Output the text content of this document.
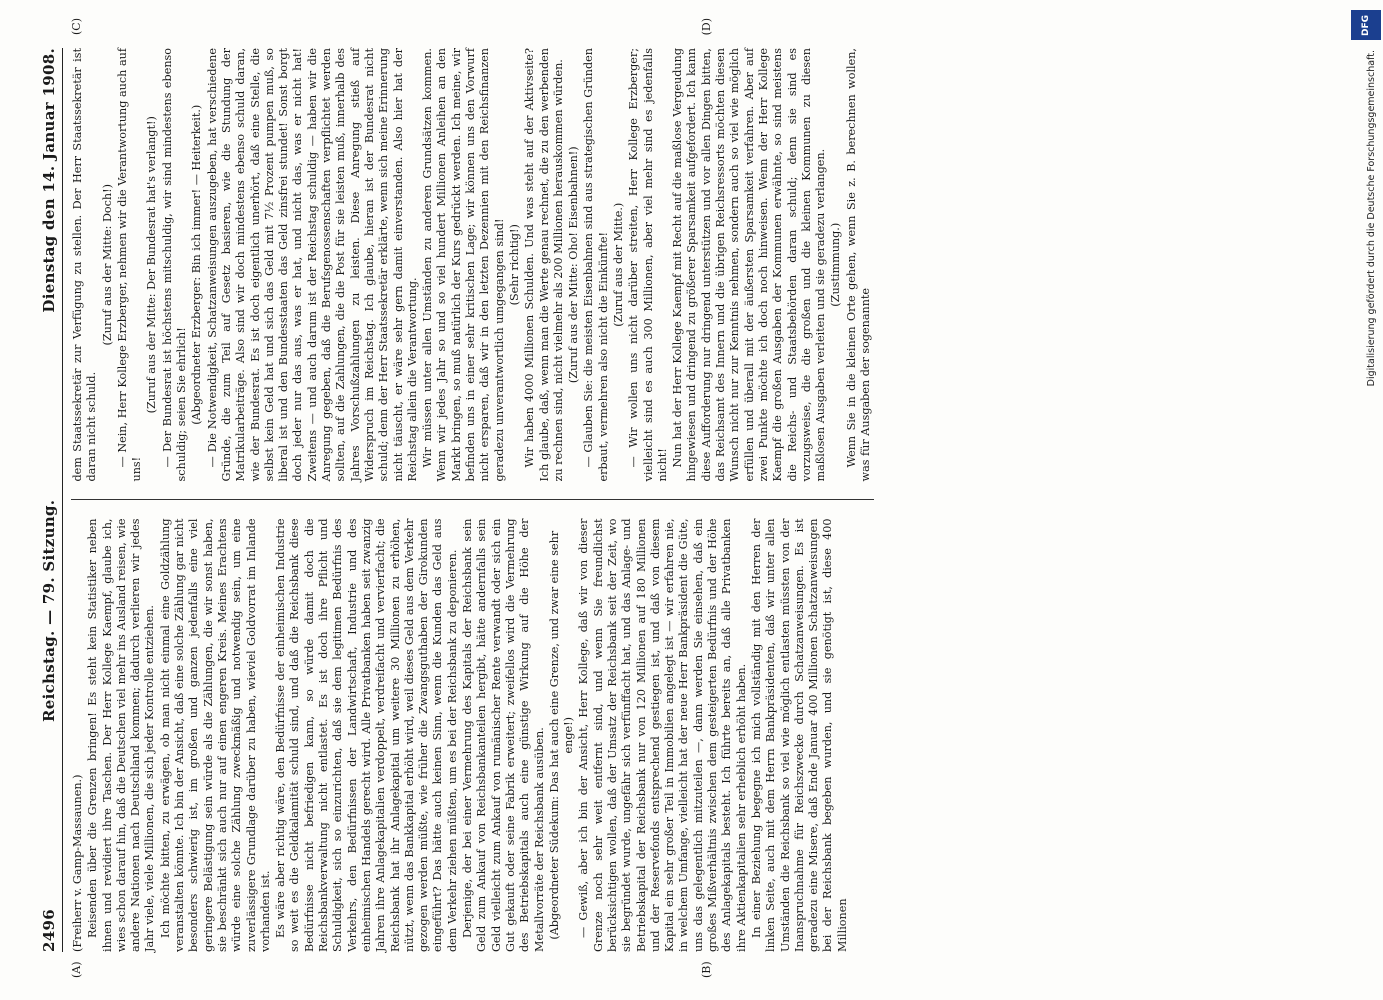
2496
Reichstag. — 79. Sitzung.
Dienstag den 14. Januar 1908.

(Freiherr v. Gamp-Massaunen.) Reisenden über die Grenzen bringen! Es steht kein Statistiker neben ihnen und revidiert ihre Taschen. Der Herr Kollege Kaempf, glaube ich, wies schon darauf hin, daß die Deutschen viel mehr ins Ausland reisen, wie andere Nationen nach Deutschland kommen; dadurch verlieren wir jedes Jahr viele, viele Millionen, die sich jeder Kontrolle entziehen. Ich möchte bitten, zu erwägen, ob man nicht einmal eine Goldzählung veranstalten könnte. Ich bin der Ansicht, daß eine solche Zählung gar nicht besonders schwierig ist, im großen und ganzen jedenfalls eine viel geringere Belästigung sein würde als die Zählungen, die wir sonst haben, sie beschränkt sich auch nur auf einen engeren Kreis. Meines Erachtens würde eine solche Zählung zweckmäßig und notwendig sein, um eine zuverlässigere Grundlage darüber zu haben, wieviel Goldvorrat im Inlande vorhanden ist. Es wäre aber richtig wäre, den Bedürfnisse der einheimischen Industrie so weit es die Geldkalamität schuld sind, und daß die Reichsbank diese Bedürfnisse nicht befriedigen kann, so würde damit doch die Reichsbankverwaltung nicht entlastet. Es ist doch ihre Pflicht und Schuldigkeit, sich so einzurichten, daß sie dem legitimen Bedürfnis des Verkehrs, den Bedürfnissen der Landwirtschaft, Industrie und des einheimischen Handels gerecht wird. Alle Privatbanken haben seit zwanzig Jahren ihre Anlagekapitalien verdoppelt, verdreifacht und vervierfacht; die Reichsbank hat ihr Anlagekapital um weitere 30 Millionen zu erhöhen, nützt, wenn das Bankkapital erhöht wird, weil dieses Geld aus dem Verkehr gezogen werden müßte, wie früher die Zwangsguthaben der Girokunden eingeführt? Das hätte auch keinen Sinn, wenn die Kunden das Geld aus dem Verkehr ziehen müßten, um es bei der Reichsbank zu deponieren. Derjenige, der bei einer Vermehrung des Kapitals der Reichsbank sein Geld zum Ankauf von Reichsbankanteilen hergibt, hätte andernfalls sein Geld vielleicht zum Ankauf von rumänischer Rente verwandt oder sich ein Gut gekauft oder seine Fabrik erweitert; zweifellos wird die Vermehrung des Betriebskapitals auch eine günstige Wirkung auf die Höhe der Metallvorräte der Reichsbank ausüben. (Abgeordneter Südekum: Das hat auch eine Grenze, und zwar eine sehr enge!) — Gewiß, aber ich bin der Ansicht, Herr Kollege, daß wir von dieser Grenze noch sehr weit entfernt sind, und wenn Sie freundlichst berücksichtigen wollen, daß der Umsatz der Reichsbank seit der Zeit, wo sie begründet wurde, ungefähr sich verfünffacht hat, und das Anlage- und Betriebskapital der Reichsbank nur von 120 Millionen auf 180 Millionen und der Reservefonds entsprechend gestiegen ist, und daß von diesem Kapital ein sehr großer Teil in Immobilien angelegt ist — wir erfahren nie, in welchem Umfange, vielleicht hat der neue Herr Bankpräsident die Güte, uns das gelegentlich mitzuteilen —, dann werden Sie einsehen, daß ein großes Mißverhältnis zwischen dem gesteigerten Bedürfnis und der Höhe des Anlagekapitals besteht. Ich führte bereits an, daß alle Privatbanken ihre Aktienkapitalien sehr erheblich erhöht haben. In einer Beziehung begegne ich mich vollständig mit den Herren der linken Seite, auch mit dem Herrn Bankpräsidenten, daß wir unter allen Umständen die Reichsbank so viel wie möglich entlasten müssten von der Inanspruchnahme für Reichszwecke durch Schatzanweisungen. Es ist geradezu eine Misere, daß Ende Januar 400 Millionen Schatzanweisungen bei der Reichsbank begeben wurden, und sie genötigt ist, diese 400 Millionen

dem Staatssekretär zur Verfügung zu stellen. Der Herr Staatssekretär ist daran nicht schuld.

(Zuruf aus der Mitte: Doch!) — Nein, Herr Kollege Erzberger, nehmen wir die Verantwortung auch auf uns!

(Zuruf aus der Mitte: Der Bundesrat hat's verlangt!) — Der Bundesrat ist höchstens mitschuldig, wir sind mindestens ebenso schuldig; seien Sie ehrlich! (Abgeordneter Erzberger: Bin ich immer! — Heiterkeit.) — Die Notwendigkeit, Schatzanweisungen auszugeben, hat verschiedene Gründe, die zum Teil auf Gesetz basieren, wie die Stundung der Matrikularbeiträge. Also sind wir doch mindestens ebenso schuld daran, wie der Bundesrat. Es ist doch eigentlich unerhört, daß eine Stelle, die selbst kein Geld hat und sich das Geld mit 7½ Prozent pumpen muß, so liberal ist und den Bundesstaaten das Geld zinsfrei stundet! Sonst borgt doch jeder nur das aus, was er hat, und nicht das, was er nicht hat! Zweitens — und auch darum ist der Reichstag schuldig — haben wir die Anregung gegeben, daß die Berufsgenossenschaften verpflichtet werden sollten, auf die Zahlungen, die die Post für sie leisten muß, innerhalb des Jahres Vorschußzahlungen zu leisten. Diese Anregung stieß auf Widerspruch im Reichstag. Ich glaube, hieran ist der Bundesrat nicht schuld; denn der Herr Staatssekretär erklärte, wenn sich meine Erinnerung nicht täuscht, er wäre sehr gern damit einverstanden. Also hier hat der Reichstag allein die Verantwortung. Wir müssen unter allen Umständen zu anderen Grundsätzen kommen. Wenn wir jedes Jahr so und so viel hundert Millionen Anleihen an den Markt bringen, so muß natürlich der Kurs gedrückt werden. Ich meine, wir befinden uns in einer sehr kritischen Lage; wir können uns den Vorwurf nicht ersparen, daß wir in den letzten Dezennien mit den Reichsfinanzen geradezu unverantwortlich umgegangen sind! (Sehr richtig!) Wir haben 4000 Millionen Schulden. Und was steht auf der Aktivseite? Ich glaube, daß, wenn man die Werte genau rechnet, die zu den werbenden zu rechnen sind, nicht vielmehr als 200 Millionen herauskommen würden. (Zuruf aus der Mitte: Oho! Eisenbahnen!) — Glauben Sie: die meisten Eisenbahnen sind aus strategischen Gründen erbaut, vermehren also nicht die Einkünfte! (Zuruf aus der Mitte.) — Wir wollen uns nicht darüber streiten, Herr Kollege Erzberger; vielleicht sind es auch 300 Millionen, aber viel mehr sind es jedenfalls nicht! Nun hat der Herr Kollege Kaempf mit Recht auf die maßlose Vergeudung hingewiesen und dringend zu größerer Sparsamkeit aufgefordert. Ich kann diese Aufforderung nur dringend unterstützen und vor allen Dingen bitten, das Reichsamt des Innern und die übrigen Reichsressorts möchten diesen Wunsch nicht nur zur Kenntnis nehmen, sondern auch so viel wie möglich erfüllen und überall mit der äußersten Sparsamkeit verfahren. Aber auf zwei Punkte möchte ich doch noch hinweisen. Wenn der Herr Kollege Kaempf die großen Ausgaben der Kommunen erwähnte, so sind meistens die Reichs- und Staatsbehörden daran schuld; denn sie sind es vorzugsweise, die die großen und die kleinen Kommunen zu diesen maßlosen Ausgaben verleiten und sie geradezu verlangen. (Zustimmung.) Wenn Sie in die kleinen Orte gehen, wenn Sie z. B. berechnen wollen, was für Ausgaben der sogenannte

(A)	(B)
(C)	(D)	DFG
Digitalisierung gefördert durch die Deutsche Forschungsgemeinschaft.
